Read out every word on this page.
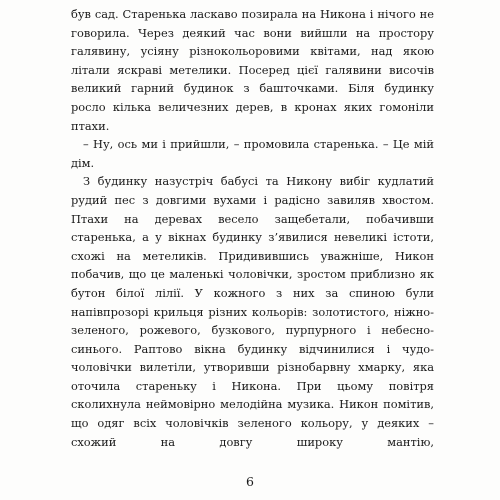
був сад. Старенька ласкаво позирала на Никона і нічого не говорила. Через деякий час вони вийшли на простору галявину, усіяну різнокольоровими квітами, над якою літали яскраві метелики. Посеред цієї галявини височів великий гарний будинок з башточками. Біля будинку росло кілька величезних дерев, в кронах яких гомоніли птахи.

– Ну, ось ми і прийшли, – промовила старенька. – Це мій дім.

З будинку назустріч бабусі та Никону вибіг кудлатий рудий пес з довгими вухами і радісно завиляв хвостом. Птахи на деревах весело защебетали, побачивши старенька, а у вікнах будинку з’явилися невеликі істоти, схожі на метеликів. Придивившись уважніше, Никон побачив, що це маленькі чоловічки, зростом приблизно як бутон білої лілії. У кожного з них за спиною були напівпрозорі крильця різних кольорів: золотистого, ніжно-зеленого, рожевого, бузкового, пурпурного і небесно-синього. Раптово вікна будинку відчинилися і чудо-чоловічки вилетіли, утворивши різнобарвну хмарку, яка оточила старенькy і Никона. При цьому повітря сколихнула неймовірно мелодійна музика. Никон помітив, що одяг всіх чоловічків зеленого кольору, у деяких – схожий на довгу широку мантію,

6
